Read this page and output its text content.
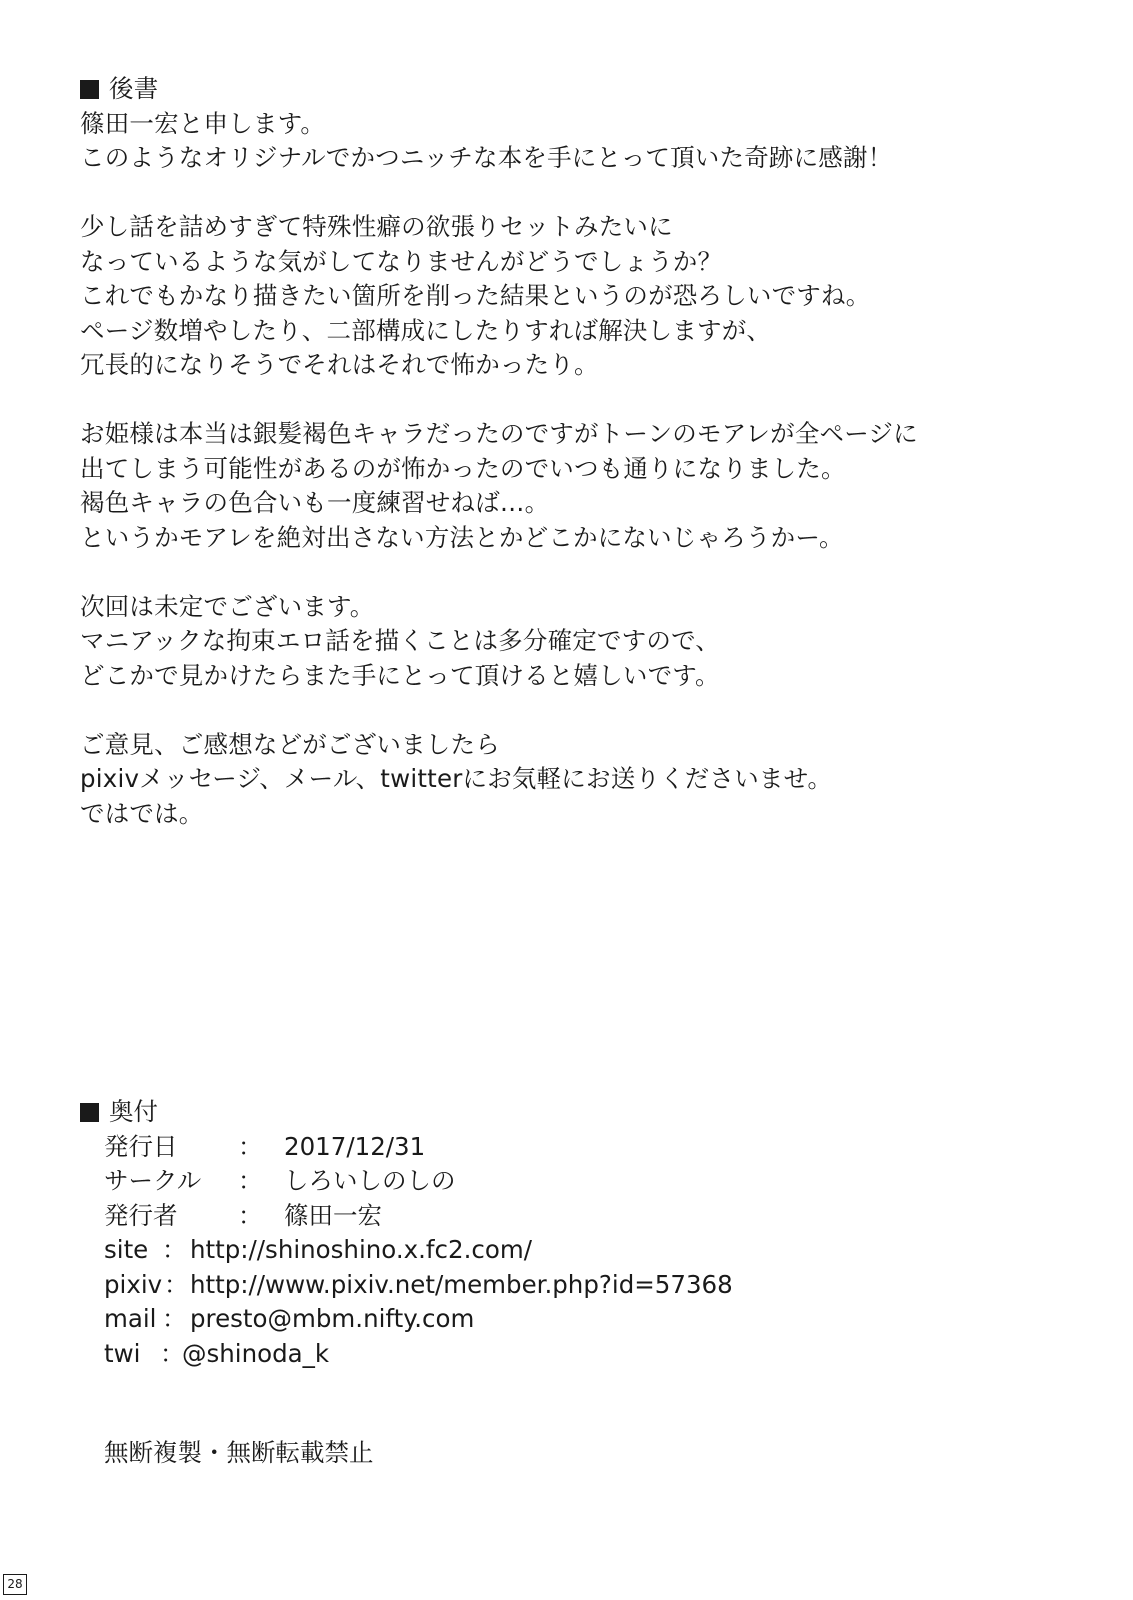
後書
篠田一宏と申します。
このようなオリジナルでかつニッチな本を手にとって頂いた奇跡に感謝！
少し話を詰めすぎて特殊性癖の欲張りセットみたいに
なっているような気がしてなりませんがどうでしょうか？
これでもかなり描きたい箇所を削った結果というのが恐ろしいですね。
ページ数増やしたり、二部構成にしたりすれば解決しますが、
冗長的になりそうでそれはそれで怖かったり。
お姫様は本当は銀髪褐色キャラだったのですがトーンのモアレが全ページに
出てしまう可能性があるのが怖かったのでいつも通りになりました。
褐色キャラの色合いも一度練習せねば…。
というかモアレを絶対出さない方法とかどこかにないじゃろうかー。
次回は未定でございます。
マニアックな拘束エロ話を描くことは多分確定ですので、
どこかで見かけたらまた手にとって頂けると嬉しいです。
ご意見、ご感想などがございましたら
pixivメッセージ、メール、twitterにお気軽にお送りくださいませ。
ではでは。
奥付
発行日 ： 2017/12/31
サークル ： しろいしのしの
発行者 ： 篠田一宏
site ： http://shinoshino.x.fc2.com/
pixiv ： http://www.pixiv.net/member.php?id=57368
mail ： presto@mbm.nifty.com
twi ：
@shinoda_k
無断複製・無断転載禁止
28
